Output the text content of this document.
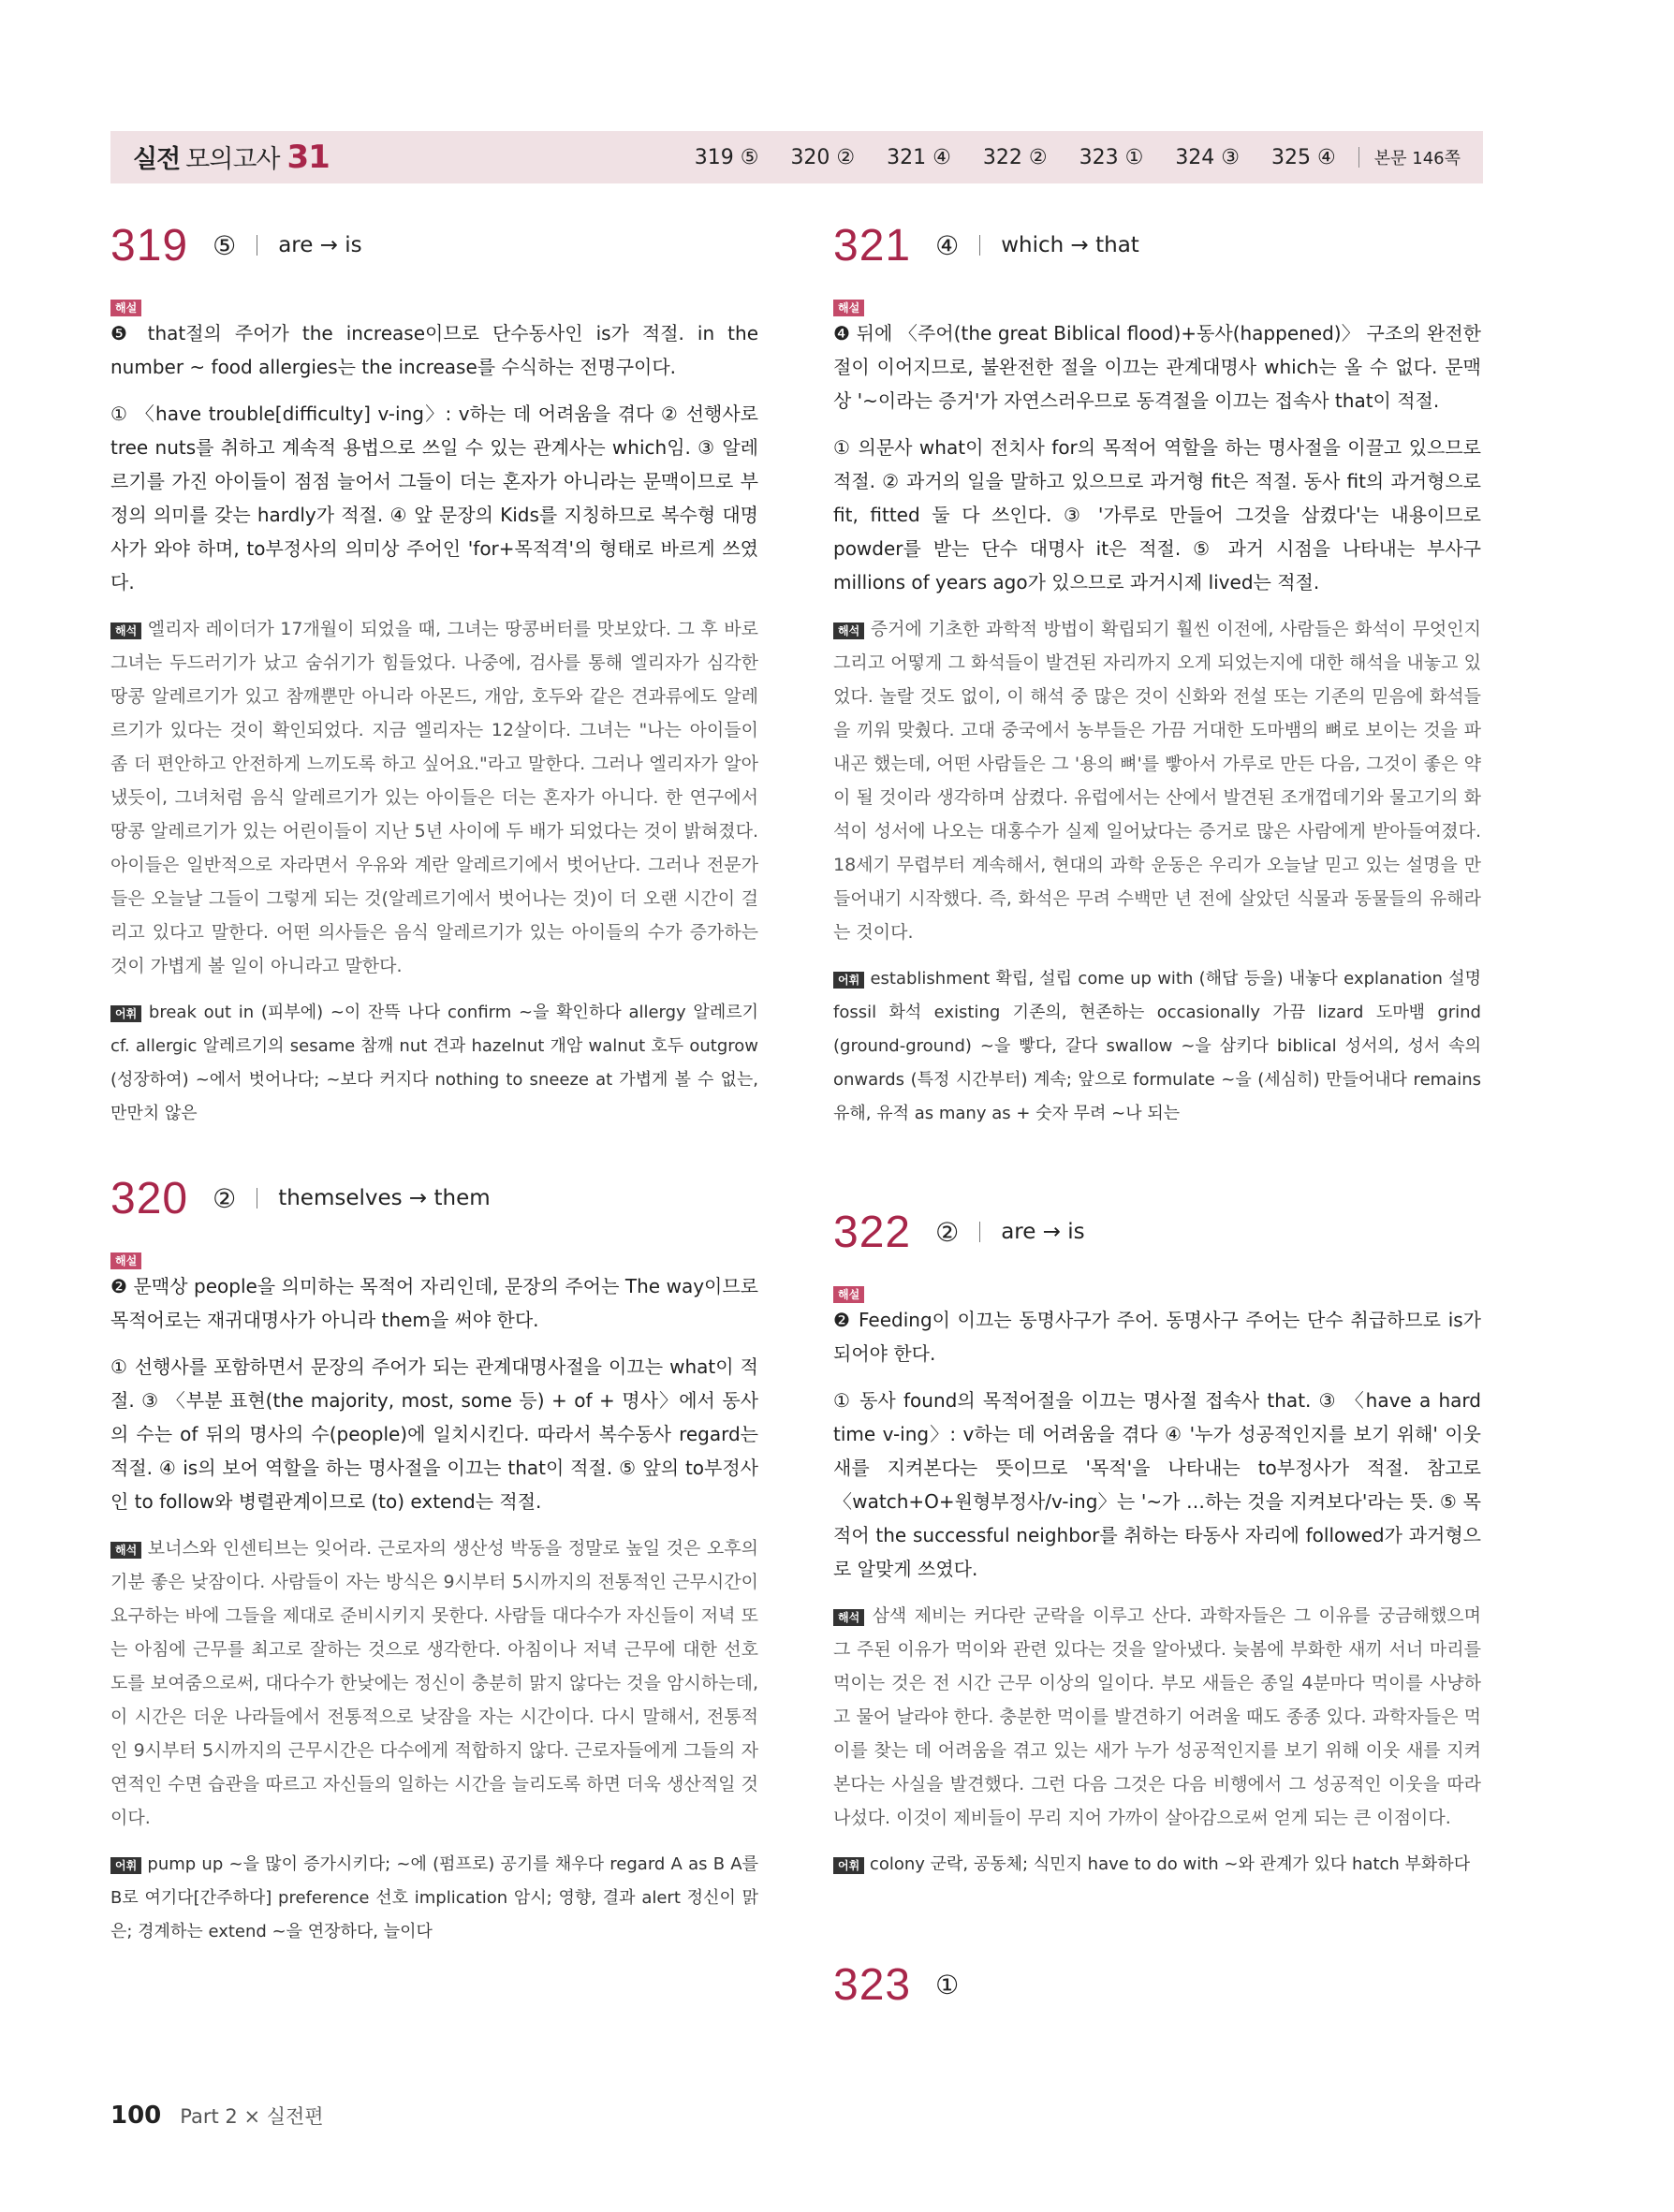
실전 모의고사 31	319 ⑤ 320 ② 321 ④ 322 ② 323 ① 324 ③ 325 ④ 본문 146쪽
319 ⑤ are → is
해설

❺ that절의 주어가 the increase이므로 단수동사인 is가 적절. in the number ~ food allergies는 the increase를 수식하는 전명구이다.

① 〈have trouble[difficulty] v-ing〉: v하는 데 어려움을 겪다 ② 선행사로 tree nuts를 취하고 계속적 용법으로 쓰일 수 있는 관계사는 which임. ③ 알레르기를 가진 아이들이 점점 늘어서 그들이 더는 혼자가 아니라는 문맥이므로 부정의 의미를 갖는 hardly가 적절. ④ 앞 문장의 Kids를 지칭하므로 복수형 대명사가 와야 하며, to부정사의 의미상 주어인 'for+목적격'의 형태로 바르게 쓰였다.

해석 엘리자 레이더가 17개월이 되었을 때, 그녀는 땅콩버터를 맛보았다. 그 후 바로 그녀는 두드러기가 났고 숨쉬기가 힘들었다. 나중에, 검사를 통해 엘리자가 심각한 땅콩 알레르기가 있고 참깨뿐만 아니라 아몬드, 개암, 호두와 같은 견과류에도 알레르기가 있다는 것이 확인되었다. 지금 엘리자는 12살이다. 그녀는 "나는 아이들이 좀 더 편안하고 안전하게 느끼도록 하고 싶어요."라고 말한다. 그러나 엘리자가 알아냈듯이, 그녀처럼 음식 알레르기가 있는 아이들은 더는 혼자가 아니다. 한 연구에서 땅콩 알레르기가 있는 어린이들이 지난 5년 사이에 두 배가 되었다는 것이 밝혀졌다. 아이들은 일반적으로 자라면서 우유와 계란 알레르기에서 벗어난다. 그러나 전문가들은 오늘날 그들이 그렇게 되는 것(알레르기에서 벗어나는 것)이 더 오랜 시간이 걸리고 있다고 말한다. 어떤 의사들은 음식 알레르기가 있는 아이들의 수가 증가하는 것이 가볍게 볼 일이 아니라고 말한다.

어휘 break out in (피부에) ~이 잔뜩 나다 confirm ~을 확인하다 allergy 알레르기 cf. allergic 알레르기의 sesame 참깨 nut 견과 hazelnut 개암 walnut 호두 outgrow (성장하여) ~에서 벗어나다; ~보다 커지다 nothing to sneeze at 가볍게 볼 수 없는, 만만치 않은

320 ② themselves → them
해설

❷ 문맥상 people을 의미하는 목적어 자리인데, 문장의 주어는 The way이므로 목적어로는 재귀대명사가 아니라 them을 써야 한다.

① 선행사를 포함하면서 문장의 주어가 되는 관계대명사절을 이끄는 what이 적절. ③ 〈부분 표현(the majority, most, some 등) + of + 명사〉에서 동사의 수는 of 뒤의 명사의 수(people)에 일치시킨다. 따라서 복수동사 regard는 적절. ④ is의 보어 역할을 하는 명사절을 이끄는 that이 적절. ⑤ 앞의 to부정사인 to follow와 병렬관계이므로 (to) extend는 적절.

해석 보너스와 인센티브는 잊어라. 근로자의 생산성 박동을 정말로 높일 것은 오후의 기분 좋은 낮잠이다. 사람들이 자는 방식은 9시부터 5시까지의 전통적인 근무시간이 요구하는 바에 그들을 제대로 준비시키지 못한다. 사람들 대다수가 자신들이 저녁 또는 아침에 근무를 최고로 잘하는 것으로 생각한다. 아침이나 저녁 근무에 대한 선호도를 보여줌으로써, 대다수가 한낮에는 정신이 충분히 맑지 않다는 것을 암시하는데, 이 시간은 더운 나라들에서 전통적으로 낮잠을 자는 시간이다. 다시 말해서, 전통적인 9시부터 5시까지의 근무시간은 다수에게 적합하지 않다. 근로자들에게 그들의 자연적인 수면 습관을 따르고 자신들의 일하는 시간을 늘리도록 하면 더욱 생산적일 것이다.

어휘 pump up ~을 많이 증가시키다; ~에 (펌프로) 공기를 채우다 regard A as B A를 B로 여기다[간주하다] preference 선호 implication 암시; 영향, 결과 alert 정신이 맑은; 경계하는 extend ~을 연장하다, 늘이다

321 ④ which → that
해설

❹ 뒤에 〈주어(the great Biblical flood)+동사(happened)〉 구조의 완전한 절이 이어지므로, 불완전한 절을 이끄는 관계대명사 which는 올 수 없다. 문맥상 '~이라는 증거'가 자연스러우므로 동격절을 이끄는 접속사 that이 적절.

① 의문사 what이 전치사 for의 목적어 역할을 하는 명사절을 이끌고 있으므로 적절. ② 과거의 일을 말하고 있으므로 과거형 fit은 적절. 동사 fit의 과거형으로 fit, fitted 둘 다 쓰인다. ③ '가루로 만들어 그것을 삼켰다'는 내용이므로 powder를 받는 단수 대명사 it은 적절. ⑤ 과거 시점을 나타내는 부사구 millions of years ago가 있으므로 과거시제 lived는 적절.

해석 증거에 기초한 과학적 방법이 확립되기 훨씬 이전에, 사람들은 화석이 무엇인지 그리고 어떻게 그 화석들이 발견된 자리까지 오게 되었는지에 대한 해석을 내놓고 있었다. 놀랄 것도 없이, 이 해석 중 많은 것이 신화와 전설 또는 기존의 믿음에 화석들을 끼워 맞췄다. 고대 중국에서 농부들은 가끔 거대한 도마뱀의 뼈로 보이는 것을 파내곤 했는데, 어떤 사람들은 그 '용의 뼈'를 빻아서 가루로 만든 다음, 그것이 좋은 약이 될 것이라 생각하며 삼켰다. 유럽에서는 산에서 발견된 조개껍데기와 물고기의 화석이 성서에 나오는 대홍수가 실제 일어났다는 증거로 많은 사람에게 받아들여졌다. 18세기 무렵부터 계속해서, 현대의 과학 운동은 우리가 오늘날 믿고 있는 설명을 만들어내기 시작했다. 즉, 화석은 무려 수백만 년 전에 살았던 식물과 동물들의 유해라는 것이다.

어휘 establishment 확립, 설립 come up with (해답 등을) 내놓다 explanation 설명 fossil 화석 existing 기존의, 현존하는 occasionally 가끔 lizard 도마뱀 grind (ground-ground) ~을 빻다, 갈다 swallow ~을 삼키다 biblical 성서의, 성서 속의 onwards (특정 시간부터) 계속; 앞으로 formulate ~을 (세심히) 만들어내다 remains 유해, 유적 as many as + 숫자 무려 ~나 되는

322 ② are → is
해설

❷ Feeding이 이끄는 동명사구가 주어. 동명사구 주어는 단수 취급하므로 is가 되어야 한다.

① 동사 found의 목적어절을 이끄는 명사절 접속사 that. ③ 〈have a hard time v-ing〉: v하는 데 어려움을 겪다 ④ '누가 성공적인지를 보기 위해' 이웃 새를 지켜본다는 뜻이므로 '목적'을 나타내는 to부정사가 적절. 참고로 〈watch+O+원형부정사/v-ing〉는 '~가 …하는 것을 지켜보다'라는 뜻. ⑤ 목적어 the successful neighbor를 취하는 타동사 자리에 followed가 과거형으로 알맞게 쓰였다.

해석 삼색 제비는 커다란 군락을 이루고 산다. 과학자들은 그 이유를 궁금해했으며 그 주된 이유가 먹이와 관련 있다는 것을 알아냈다. 늦봄에 부화한 새끼 서너 마리를 먹이는 것은 전 시간 근무 이상의 일이다. 부모 새들은 종일 4분마다 먹이를 사냥하고 물어 날라야 한다. 충분한 먹이를 발견하기 어려울 때도 종종 있다. 과학자들은 먹이를 찾는 데 어려움을 겪고 있는 새가 누가 성공적인지를 보기 위해 이웃 새를 지켜본다는 사실을 발견했다. 그런 다음 그것은 다음 비행에서 그 성공적인 이웃을 따라나섰다. 이것이 제비들이 무리 지어 가까이 살아감으로써 얻게 되는 큰 이점이다.

어휘 colony 군락, 공동체; 식민지 have to do with ~와 관계가 있다 hatch 부화하다

323 ①
100 Part 2 × 실전편
